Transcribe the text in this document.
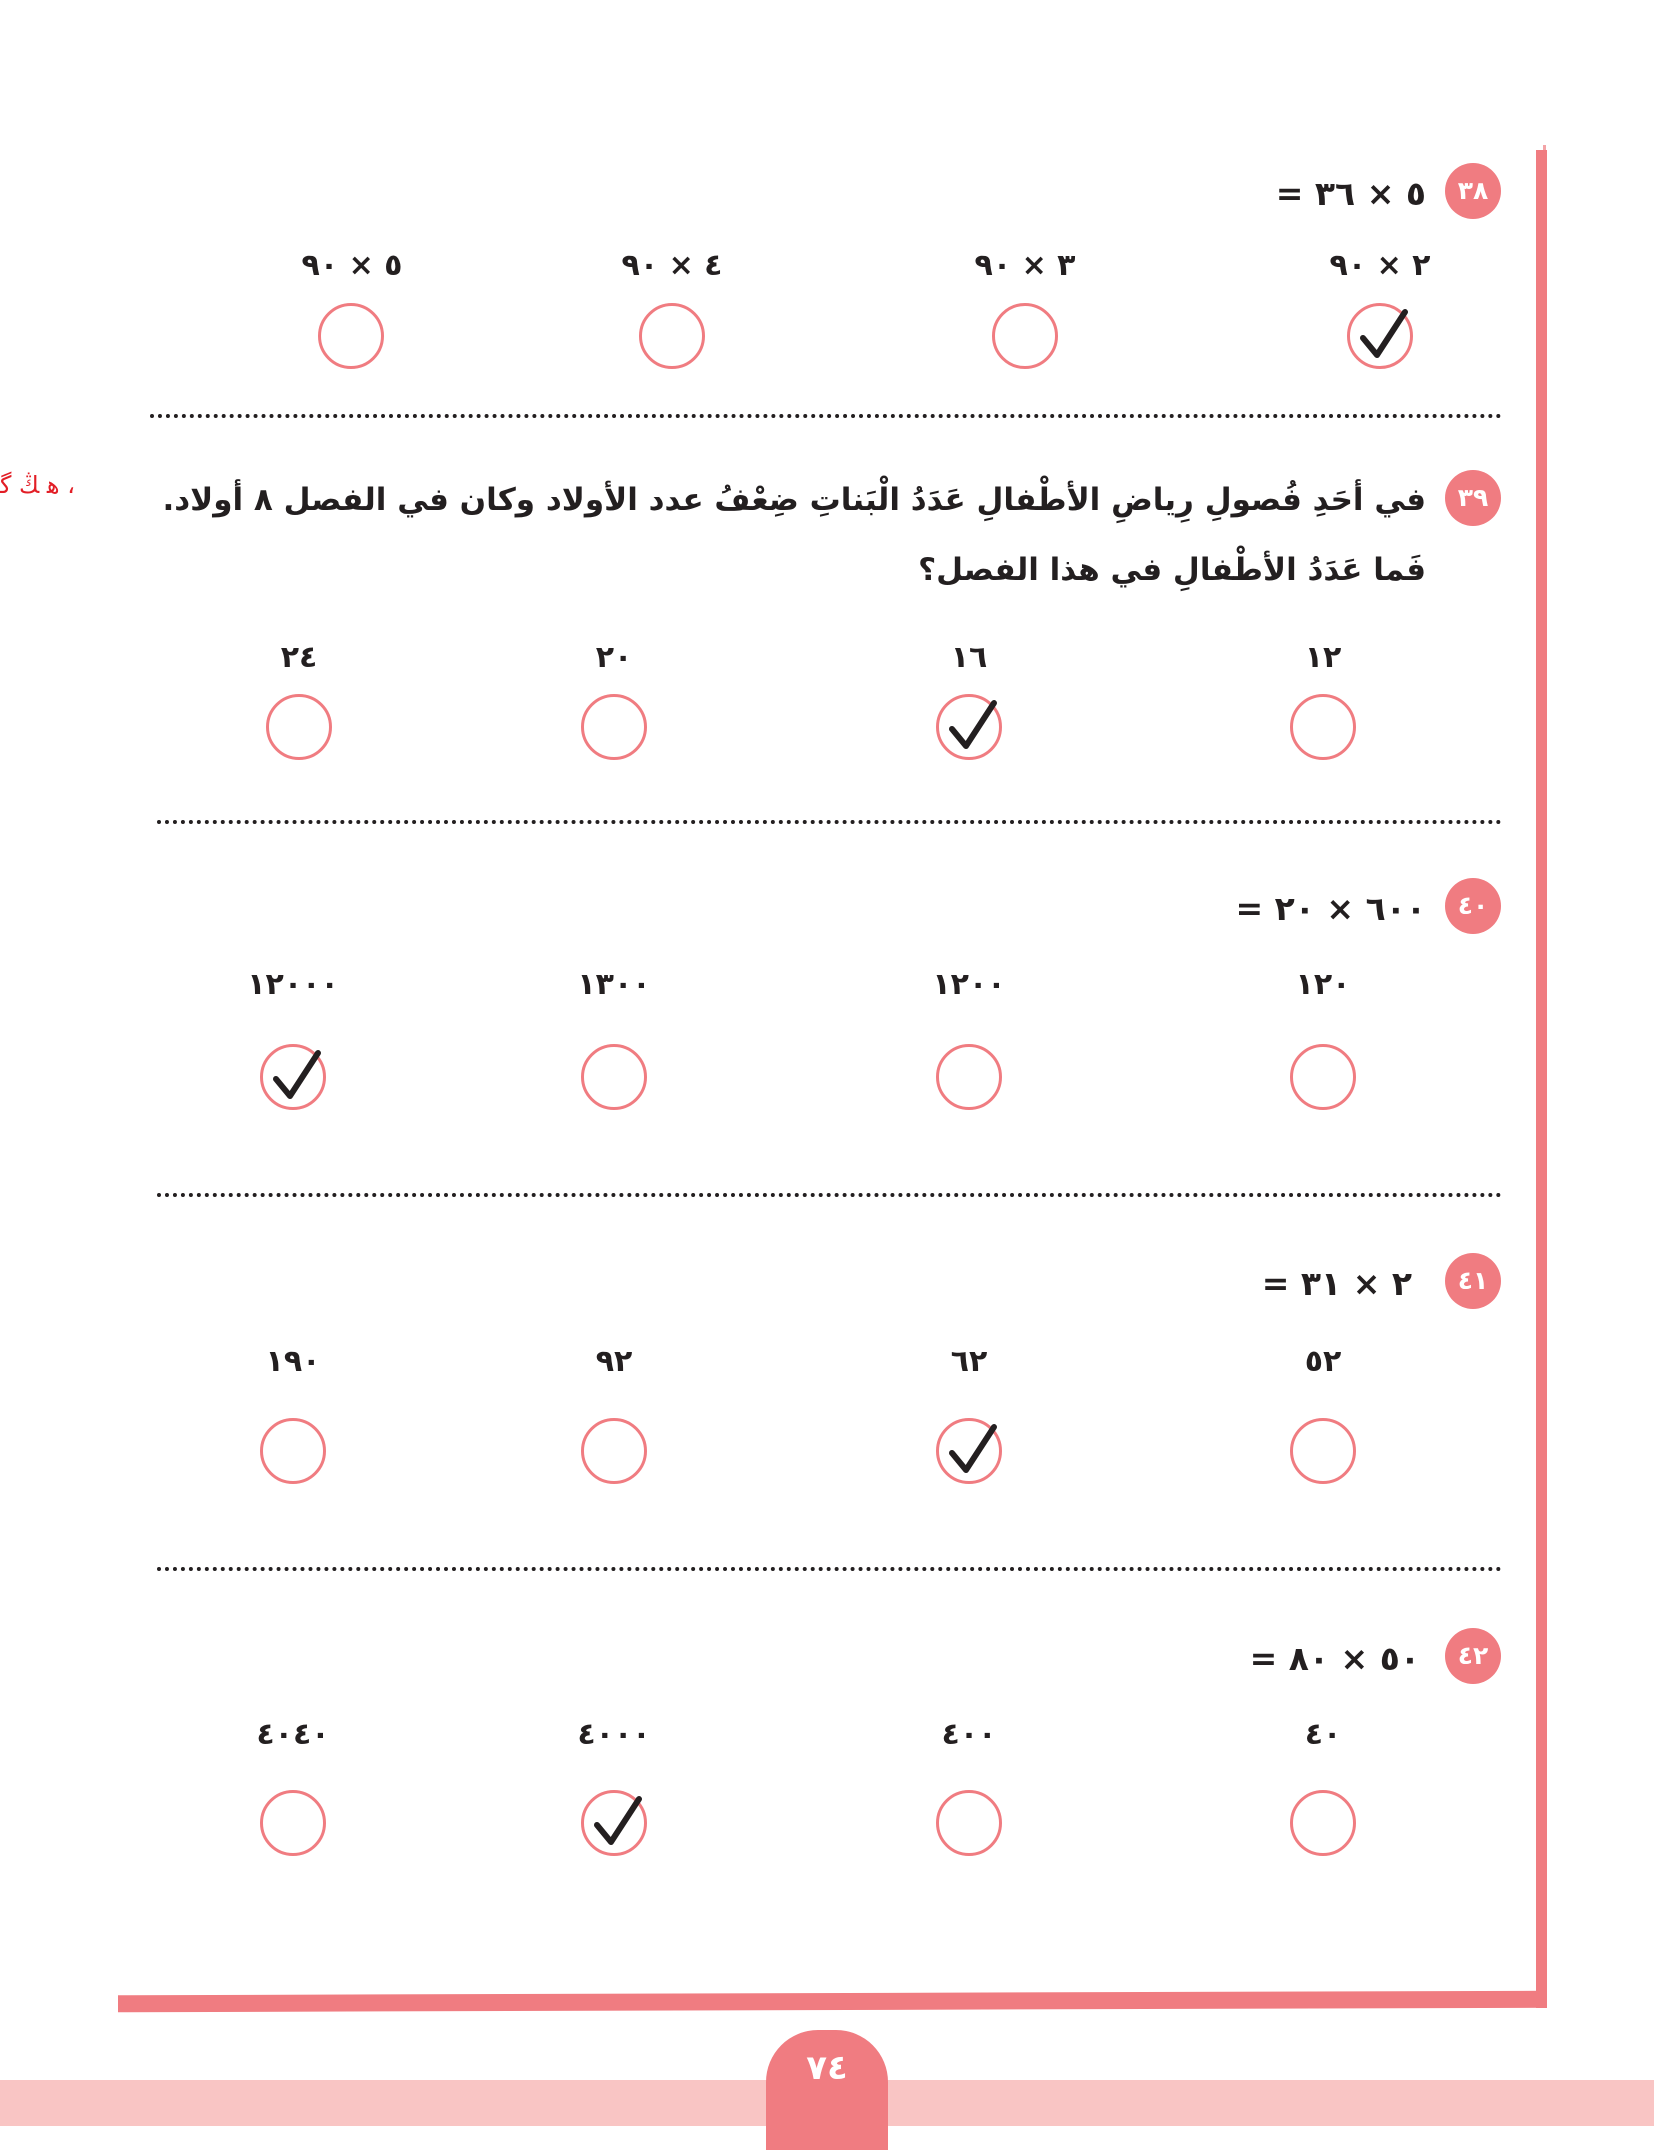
ﻫ ﯔ ﮔ ،
٣٨
٥ × ٣٦ =
٢ × ٩٠
٣ × ٩٠
٤ × ٩٠
٥ × ٩٠
٣٩
في أحَدِ فُصولِ رِياضِ الأطْفالِ عَدَدُ الْبَناتِ ضِعْفُ عدد الأولاد وكان في الفصل ٨ أولاد.
فَما عَدَدُ الأطْفالِ في هذا الفصل؟
١٢
١٦
٢٠
٢٤
٤٠
٦٠٠ × ٢٠ =
١٢٠
١٢٠٠
١٣٠٠
١٢٠٠٠
٤١
٢ × ٣١ =
٥٢
٦٢
٩٢
١٩٠
٤٢
٥٠ × ٨٠ =
٤٠
٤٠٠
٤٠٠٠
٤٠٤٠
٧٤
